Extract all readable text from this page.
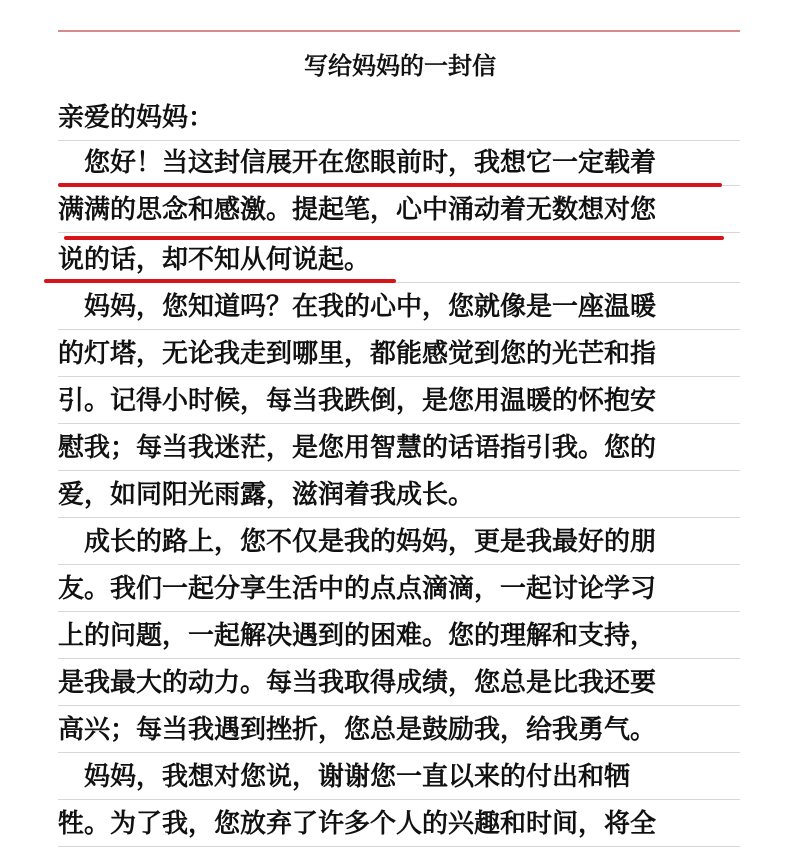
写给妈妈的一封信
亲爱的妈妈：
　您好！当这封信展开在您眼前时，我想它一定载着
满满的思念和感激。提起笔，心中涌动着无数想对您
说的话，却不知从何说起。
　妈妈，您知道吗？在我的心中，您就像是一座温暖
的灯塔，无论我走到哪里，都能感觉到您的光芒和指
引。记得小时候，每当我跌倒，是您用温暖的怀抱安
慰我；每当我迷茫，是您用智慧的话语指引我。您的
爱，如同阳光雨露，滋润着我成长。
　成长的路上，您不仅是我的妈妈，更是我最好的朋
友。我们一起分享生活中的点点滴滴，一起讨论学习
上的问题，一起解决遇到的困难。您的理解和支持，
是我最大的动力。每当我取得成绩，您总是比我还要
高兴；每当我遇到挫折，您总是鼓励我，给我勇气。
　妈妈，我想对您说，谢谢您一直以来的付出和牺
牲。为了我，您放弃了许多个人的兴趣和时间，将全
